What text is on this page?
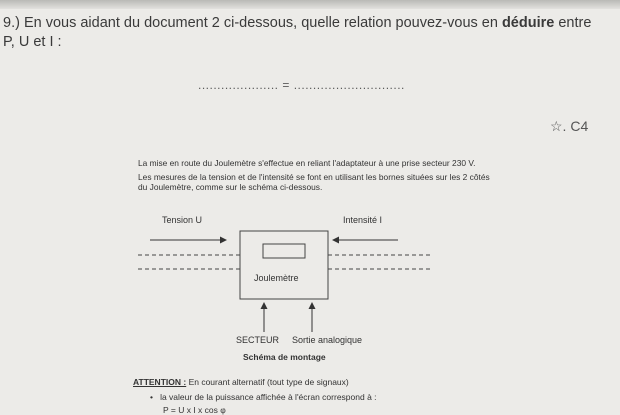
9.) En vous aidant du document 2 ci-dessous, quelle relation pouvez-vous en déduire entre
P, U et I :
..................... = .............................
☆. C4

La mise en route du Joulemètre s'effectue en reliant l'adaptateur à une prise secteur 230 V.

Les mesures de la tension et de l'intensité se font en utilisant les bornes situées sur les 2 côtés du Joulemètre, comme sur le schéma ci-dessous.

Tension U	Intensité I
Joulemètre
SECTEUR Sortie analogique
Schéma de montage
ATTENTION : En courant alternatif (tout type de signaux)
•   la valeur de la puissance affichée à l'écran correspond à :
P = U x I x cos φ
